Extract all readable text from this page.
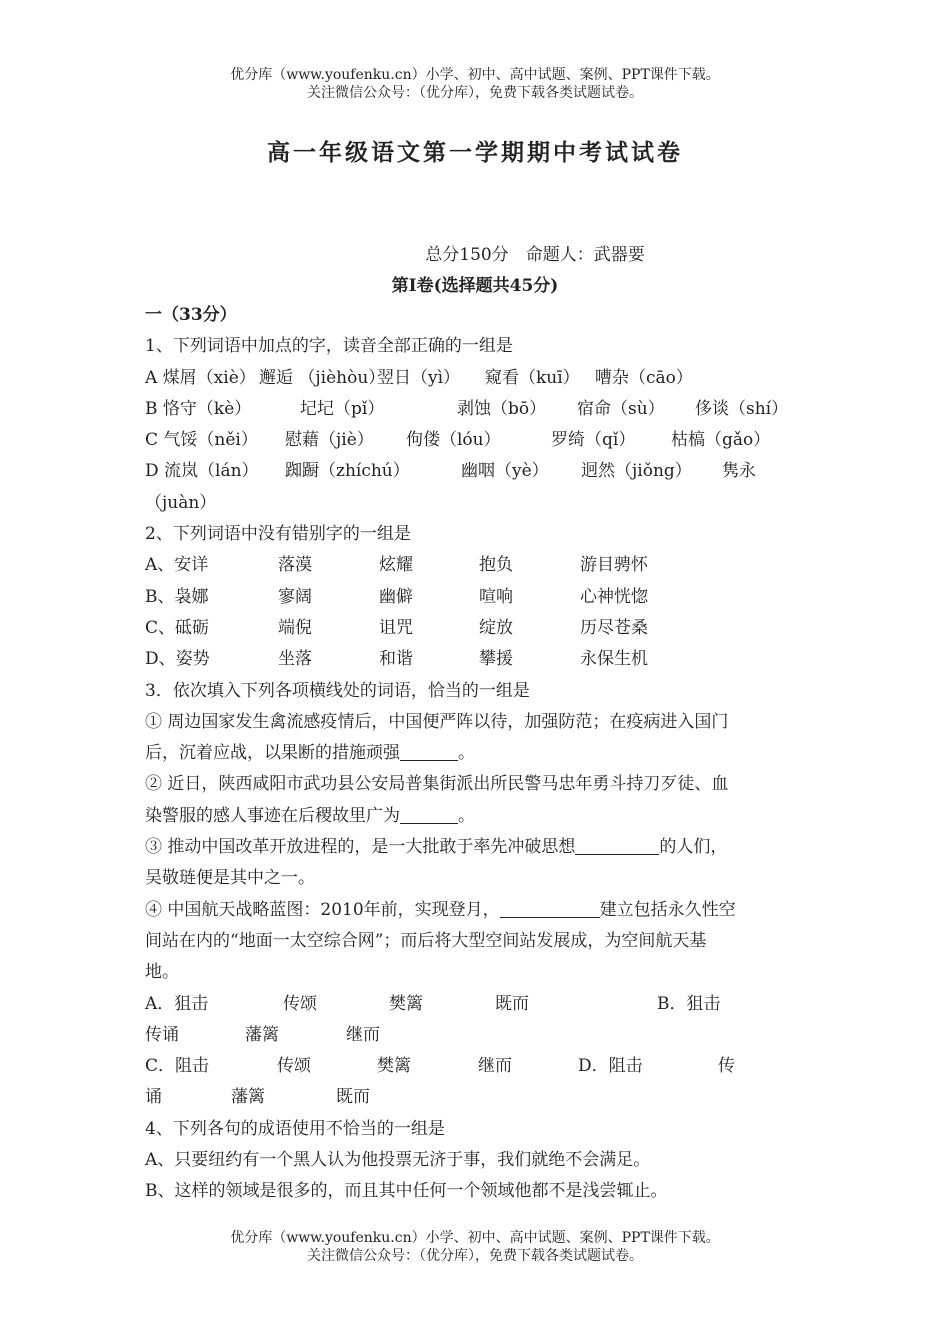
优分库（www.youfenku.cn）小学、初中、高中试题、案例、PPT课件下载。
关注微信公众号：（优分库），免费下载各类试题试卷。
高一年级语文第一学期期中考试试卷
总分150分　命题人：武器要
第Ⅰ卷(选择题共45分)
一（33分）
1、下列词语中加点的字，读音全部正确的一组是
A 煤屑（xiè） 邂逅 （jièhòu）翌日（yì） 窥看（kuī） 嘈杂（cāo）
B 恪守（kè）	圮圮（pǐ）	剥蚀（bō） 宿命（sù） 侈谈（shí）
C 气馁（něi） 慰藉（jiè） 佝偻（lóu）	罗绮（qǐ） 枯槁（gǎo）
D 流岚（lán） 踟蹰（zhíchú）	幽咽（yè） 迥然（jiǒng） 隽永
（juàn）
2、下列词语中没有错别字的一组是
A、安详	落漠	炫耀	抱负	游目骋怀
B、袅娜	寥阔	幽僻	喧响	心神恍惚
C、砥砺	端倪	诅咒	绽放	历尽苍桑
D、姿势	坐落	和谐	攀援	永保生机
3．依次填入下列各项横线处的词语，恰当的一组是
① 周边国家发生禽流感疫情后，中国便严阵以待，加强防范；在疫病进入国门
后，沉着应战，以果断的措施顽强	。
② 近日，陕西咸阳市武功县公安局普集街派出所民警马忠年勇斗持刀歹徒、血
染警服的感人事迹在后稷故里广为	。
③ 推动中国改革开放进程的，是一大批敢于率先冲破思想	的人们，
吴敬琏便是其中之一。
④ 中国航天战略蓝图：2010年前，实现登月，	建立包括永久性空
间站在内的“地面一太空综合网”；而后将大型空间站发展成，为空间航天基
地。
A．狙击	传颂	樊篱	既而	B．狙击
传诵	藩篱	继而
C．阻击	传颂	樊篱	继而	D．阻击	传
诵	藩篱	既而
4、下列各句的成语使用不恰当的一组是
A、只要纽约有一个黑人认为他投票无济于事，我们就绝不会满足。
B、这样的领域是很多的，而且其中任何一个领域他都不是浅尝辄止。
优分库（www.youfenku.cn）小学、初中、高中试题、案例、PPT课件下载。
关注微信公众号：（优分库），免费下载各类试题试卷。
